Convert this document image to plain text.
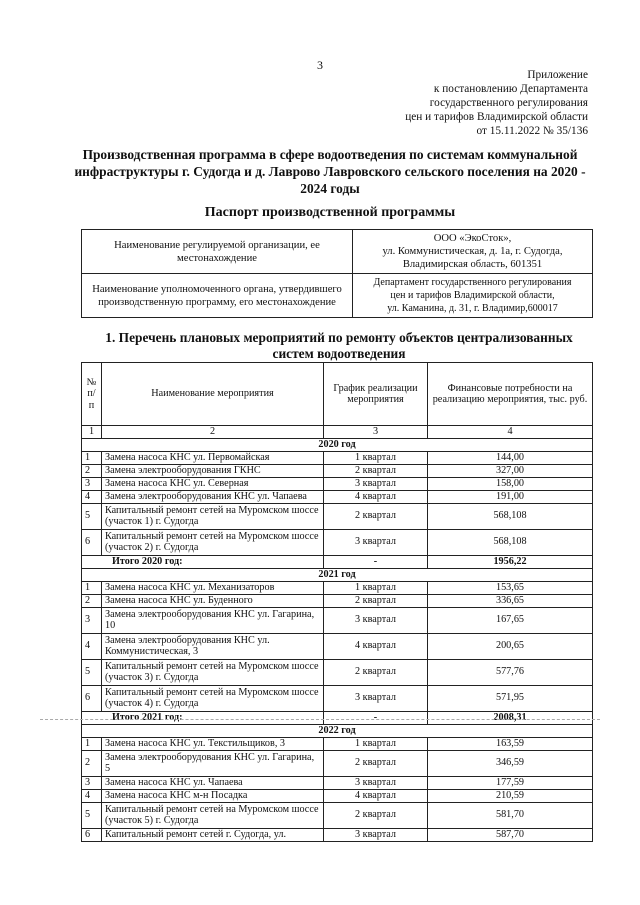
3
Приложение
к постановлению Департамента
государственного регулирования
цен и тарифов Владимирской области
от 15.11.2022 № 35/136
Производственная программа в сфере водоотведения по системам коммунальной инфраструктуры г. Судогда и д. Лаврово Лавровского сельского поселения на 2020 - 2024 годы
Паспорт производственной программы
Наименование регулируемой организации, ее местонахождение	ООО «ЭкоСток»,
ул. Коммунистическая, д. 1а, г. Судогда,
Владимирская область, 601351

Наименование уполномоченного органа, утвердившего производственную программу, его местонахождение	Департамент государственного регулирования
цен и тарифов Владимирской области,
ул. Каманина, д. 31, г. Владимир,600017
1. Перечень плановых мероприятий по ремонту объектов централизованных систем водоотведения
№ п/п	Наименование мероприятия	График реализации мероприятия	Финансовые потребности на реализацию мероприятия, тыс. руб.
1	2	3	4
2020 год			
1	Замена насоса КНС ул. Первомайская	1 квартал	144,00
2	Замена электрооборудования ГКНС	2 квартал	327,00
3	Замена насоса КНС ул. Северная	3 квартал	158,00
4	Замена электрооборудования КНС ул. Чапаева	4 квартал	191,00
5	Капитальный ремонт сетей на Муромском шоссе (участок 1) г. Судогда	2 квартал	568,108
6	Капитальный ремонт сетей на Муромском шоссе (участок 2) г. Судогда	3 квартал	568,108
Итого 2020 год:		-	1956,22
2021 год			
1	Замена насоса КНС ул. Механизаторов	1 квартал	153,65
2	Замена насоса КНС ул. Буденного	2 квартал	336,65
3	Замена электрооборудования КНС ул. Гагарина, 10	3 квартал	167,65
4	Замена электрооборудования КНС ул. Коммунистическая, 3	4 квартал	200,65
5	Капитальный ремонт сетей на Муромском шоссе (участок 3) г. Судогда	2 квартал	577,76
6	Капитальный ремонт сетей на Муромском шоссе (участок 4) г. Судогда	3 квартал	571,95
Итого 2021 год:		-	2008,31
2022 год			
1	Замена насоса КНС ул. Текстильщиков, 3	1 квартал	163,59
2	Замена электрооборудования КНС ул. Гагарина, 5	2 квартал	346,59
3	Замена насоса КНС ул. Чапаева	3 квартал	177,59
4	Замена насоса КНС м-н Посадка	4 квартал	210,59
5	Капитальный ремонт сетей на Муромском шоссе (участок 5) г. Судогда	2 квартал	581,70
6	Капитальный ремонт сетей г. Судогда, ул.	3 квартал	587,70
